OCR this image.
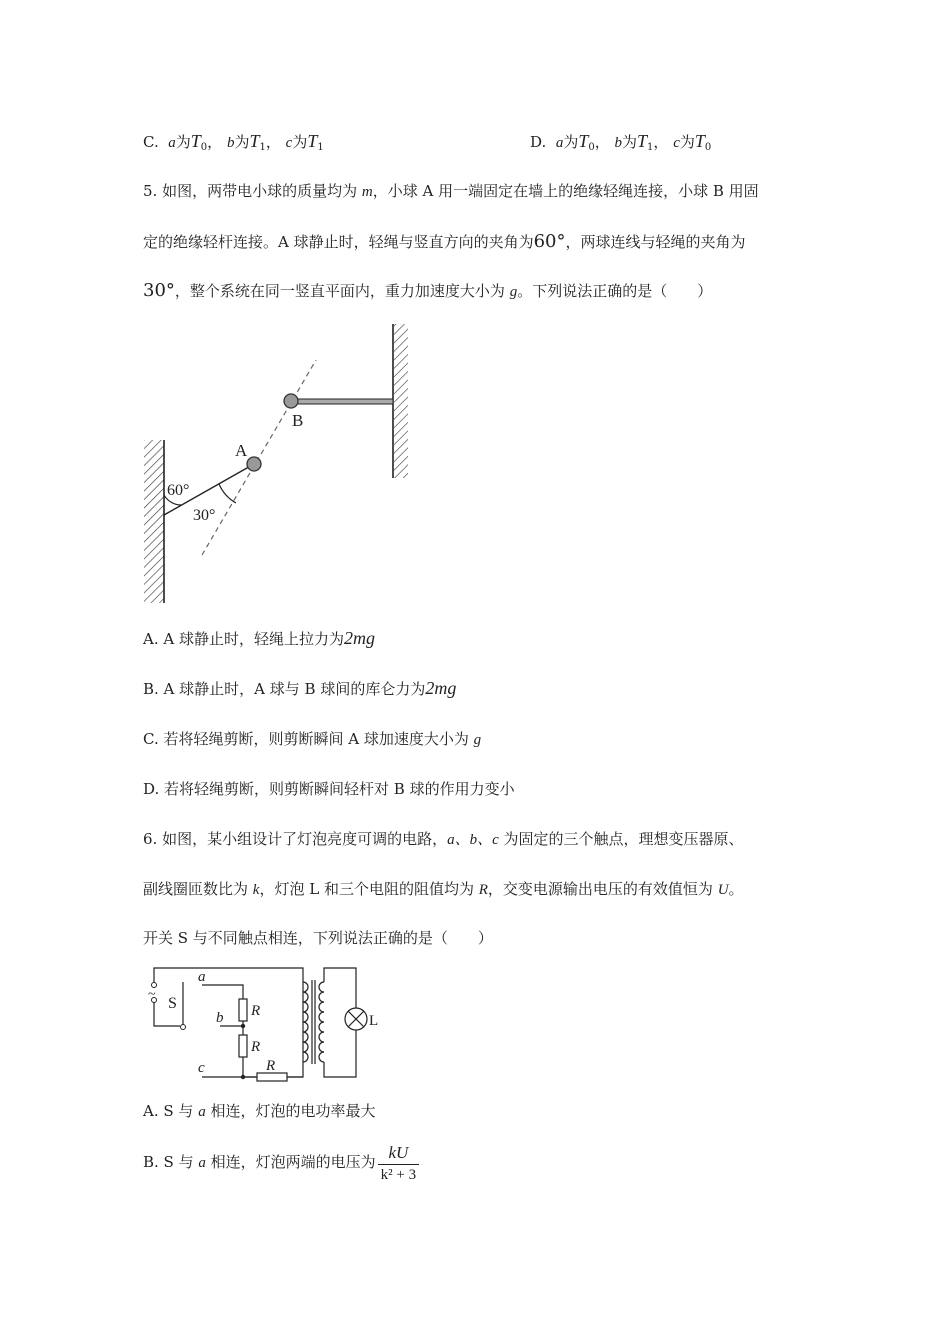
C. a为$T_0$， b为$T_1$， c为$T_1$	D. a为$T_0$， b为$T_1$， c为$T_0$
5. 如图，两带电小球的质量均为 m，小球 A 用一端固定在墙上的绝缘轻绳连接，小球 B 用固
定的绝缘轻杆连接。A 球静止时，轻绳与竖直方向的夹角为60°，两球连线与轻绳的夹角为
30°，整个系统在同一竖直平面内，重力加速度大小为 g。下列说法正确的是（　　）
A
B
60°
30°
A. A 球静止时，轻绳上拉力为2mg
B. A 球静止时，A 球与 B 球间的库仑力为2mg
C. 若将轻绳剪断，则剪断瞬间 A 球加速度大小为 g
D. 若将轻绳剪断，则剪断瞬间轻杆对 B 球的作用力变小
6. 如图，某小组设计了灯泡亮度可调的电路，a、b、c 为固定的三个触点，理想变压器原、
副线圈匝数比为 k，灯泡 L 和三个电阻的阻值均为 R，交变电源输出电压的有效值恒为 U。
开关 S 与不同触点相连，下列说法正确的是（　　）
~
S
a
b
c
R
R
R
L
A. S 与 a 相连，灯泡的电功率最大
B. S 与 a 相连，灯泡两端的电压为 $\frac{kU}{\text{k² + 3}}$
